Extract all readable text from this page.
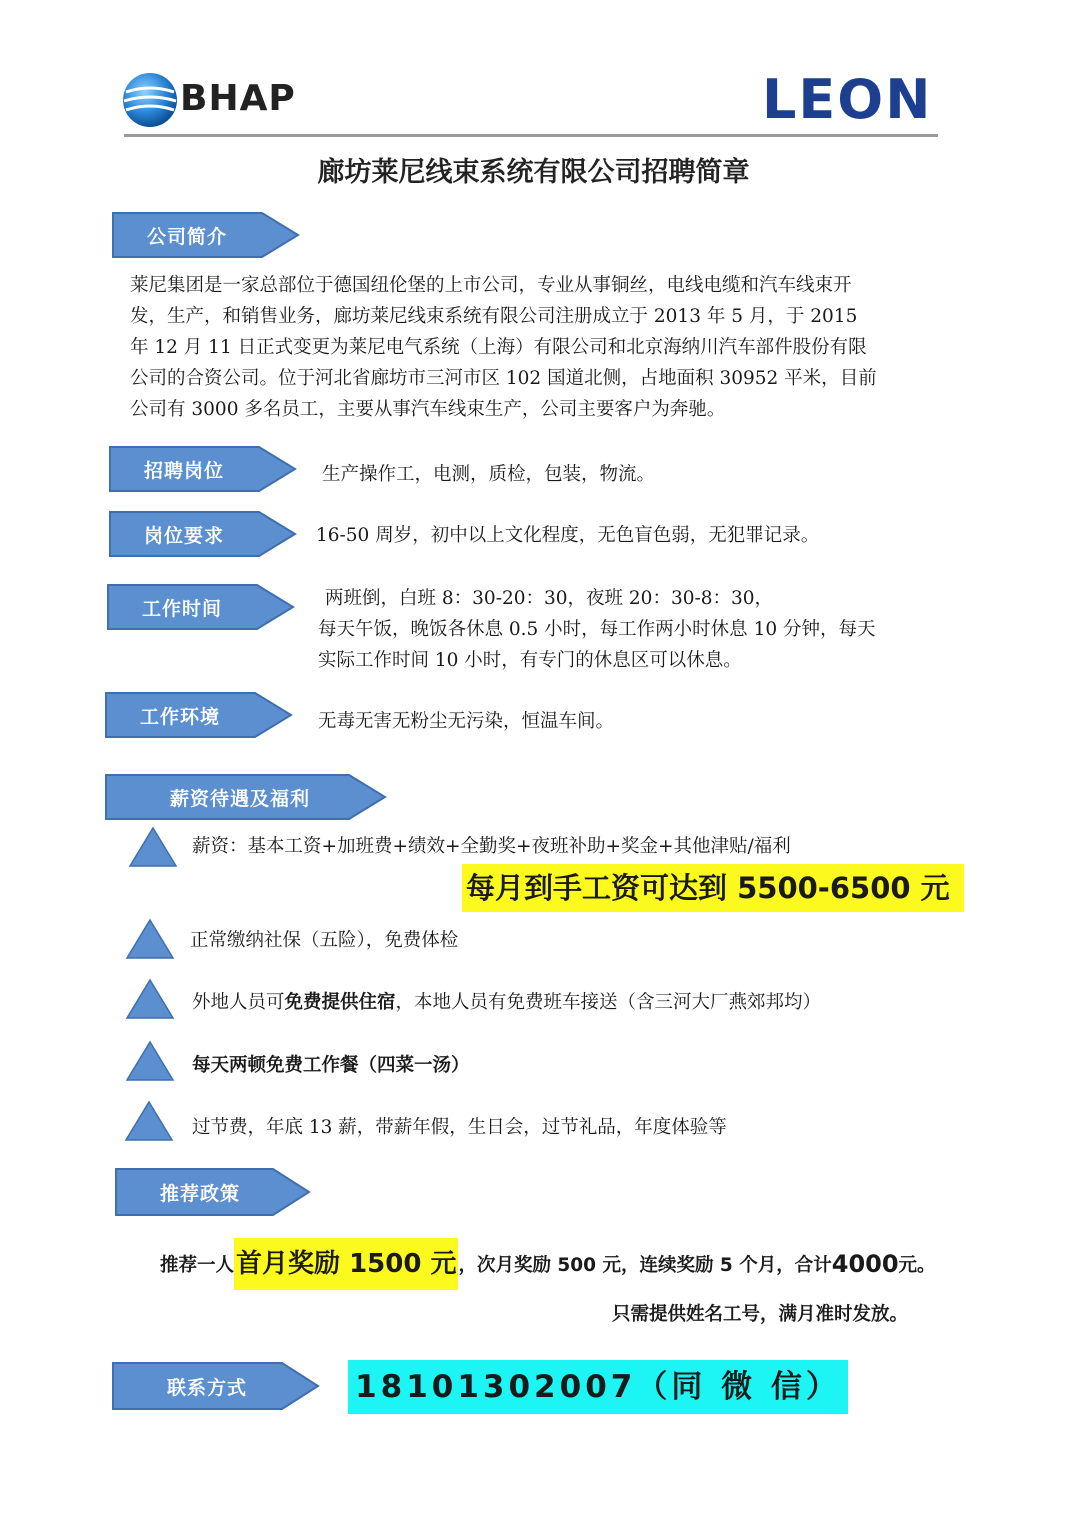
BHAP	LEON
廊坊莱尼线束系统有限公司招聘简章
公司简介
莱尼集团是一家总部位于德国纽伦堡的上市公司，专业从事铜丝，电线电缆和汽车线束开
发，生产，和销售业务，廊坊莱尼线束系统有限公司注册成立于 2013 年 5 月，于 2015
年 12 月 11 日正式变更为莱尼电气系统（上海）有限公司和北京海纳川汽车部件股份有限
公司的合资公司。位于河北省廊坊市三河市区 102 国道北侧，占地面积 30952 平米，目前
公司有 3000 多名员工，主要从事汽车线束生产，公司主要客户为奔驰。
招聘岗位	生产操作工，电测，质检，包装，物流。
岗位要求	16-50 周岁，初中以上文化程度，无色盲色弱，无犯罪记录。
工作时间	两班倒，白班 8：30-20：30，夜班 20：30-8：30，
每天午饭，晚饭各休息 0.5 小时，每工作两小时休息 10 分钟，每天
实际工作时间 10 小时，有专门的休息区可以休息。
工作环境	无毒无害无粉尘无污染，恒温车间。
薪资待遇及福利
薪资：基本工资+加班费+绩效+全勤奖+夜班补助+奖金+其他津贴/福利
每月到手工资可达到 5500-6500 元
正常缴纳社保（五险），免费体检
外地人员可免费提供住宿，本地人员有免费班车接送（含三河大厂燕郊邦均）
每天两顿免费工作餐（四菜一汤）
过节费，年底 13 薪，带薪年假，生日会，过节礼品，年度体验等
推荐政策
推荐一人 首月奖励 1500 元 ，次月奖励 500 元，连续奖励 5 个月，合计 4000 元。
只需提供姓名工号，满月准时发放。
联系方式	18101302007（同 微 信）
